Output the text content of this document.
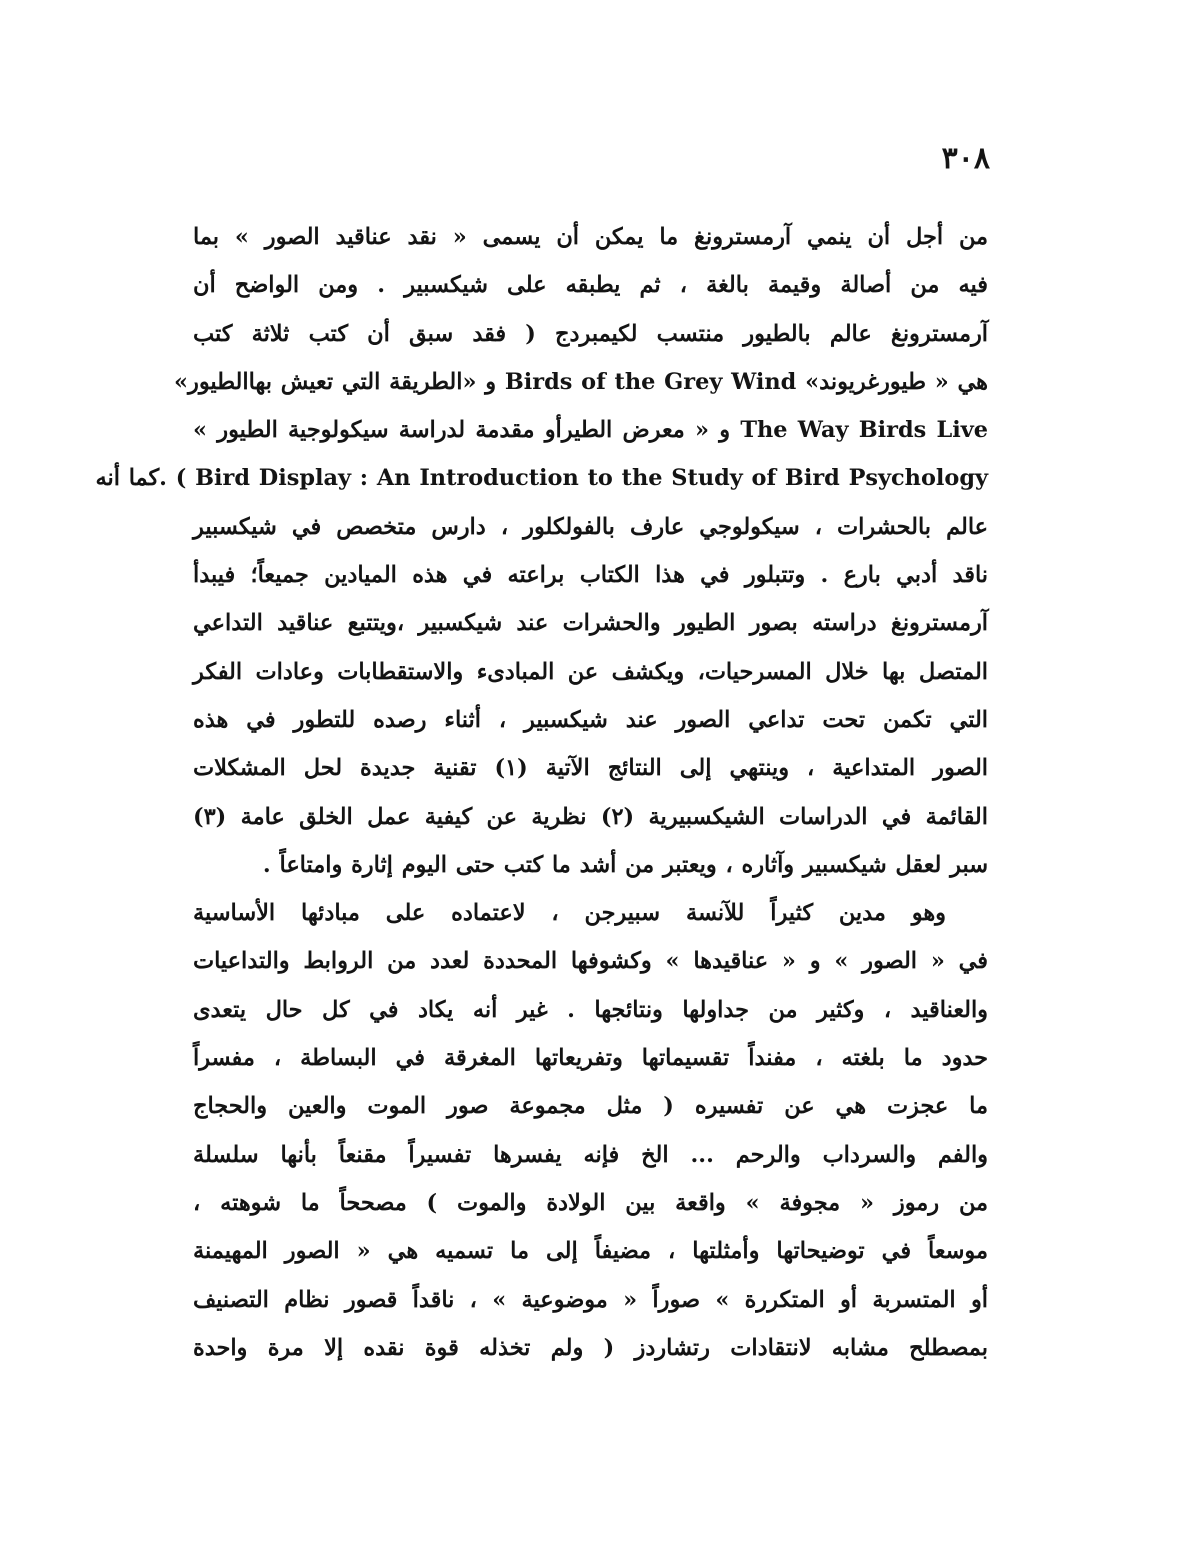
٣٠٨
من أجل أن ينمي آرمسترونغ ما يمكن أن يسمى « نقد عناقيد الصور » بما
فيه من أصالة وقيمة بالغة ، ثم يطبقه على شيكسبير . ومن الواضح أن
آرمسترونغ عالم بالطيور منتسب لكيمبردج ( فقد سبق أن كتب ثلاثة كتب
هي « طيورغريوند» Birds of the Grey Wind و «الطريقة التي تعيش بهاالطيور»
The Way Birds Live و « معرض الطيرأو مقدمة لدراسة سيكولوجية الطيور »
Bird Display : An Introduction to the Study of Bird Psychology ) .كما أنه
عالم بالحشرات ، سيكولوجي عارف بالفولكلور ، دارس متخصص في شيكسبير
ناقد أدبي بارع . وتتبلور في هذا الكتاب براعته في هذه الميادين جميعاً؛ فيبدأ
آرمسترونغ دراسته بصور الطيور والحشرات عند شيكسبير ،ويتتبع عناقيد التداعي
المتصل بها خلال المسرحيات، ويكشف عن المبادىء والاستقطابات وعادات الفكر
التي تكمن تحت تداعي الصور عند شيكسبير ، أثناء رصده للتطور في هذه
الصور المتداعية ، وينتهي إلى النتائج الآتية (١) تقنية جديدة لحل المشكلات
القائمة في الدراسات الشيكسبيرية (٢) نظرية عن كيفية عمل الخلق عامة (٣)
سبر لعقل شيكسبير وآثاره ، ويعتبر من أشد ما كتب حتى اليوم إثارة وامتاعاً .
وهو مدين كثيراً للآنسة سبيرجن ، لاعتماده على مبادئها الأساسية
في « الصور » و « عناقيدها » وكشوفها المحددة لعدد من الروابط والتداعيات
والعناقيد ، وكثير من جداولها ونتائجها . غير أنه يكاد في كل حال يتعدى
حدود ما بلغته ، مفنداً تقسيماتها وتفريعاتها المغرقة في البساطة ، مفسراً
ما عجزت هي عن تفسيره ( مثل مجموعة صور الموت والعين والحجاج
والفم والسرداب والرحم ... الخ فإنه يفسرها تفسيراً مقنعاً بأنها سلسلة
من رموز « مجوفة » واقعة بين الولادة والموت ) مصححاً ما شوهته ،
موسعاً في توضيحاتها وأمثلتها ، مضيفاً إلى ما تسميه هي « الصور المهيمنة
أو المتسربة أو المتكررة » صوراً « موضوعية » ، ناقداً قصور نظام التصنيف
بمصطلح مشابه لانتقادات رتشاردز ( ولم تخذله قوة نقده إلا مرة واحدة
